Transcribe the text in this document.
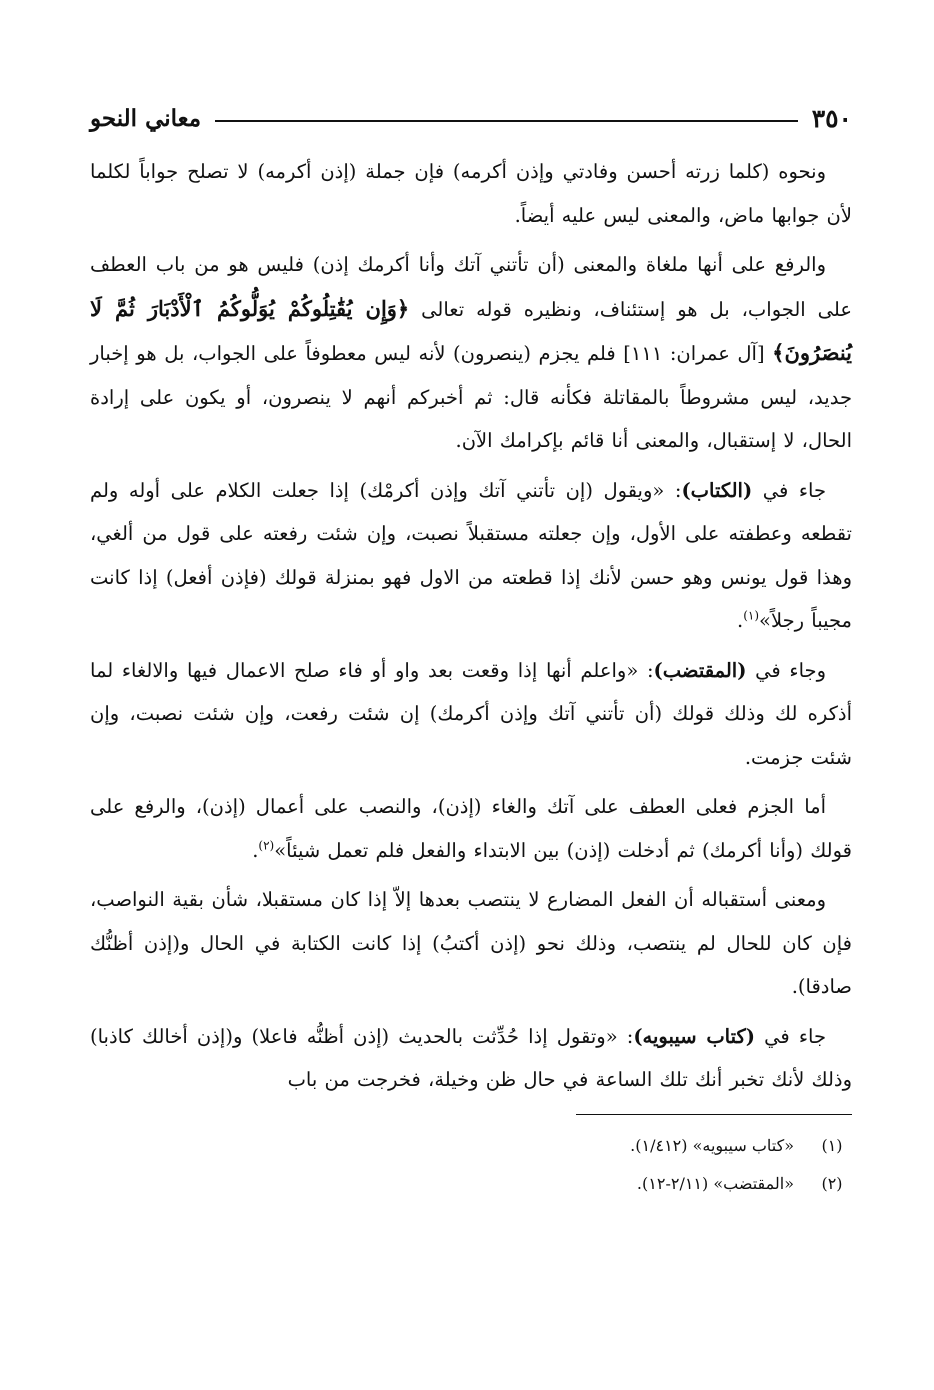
٣٥٠
معاني النحو

ونحوه (كلما زرته أحسن وفادتي وإذن أكرمه) فإن جملة (إذن أكرمه) لا تصلح جواباً لكلما لأن جوابها ماض، والمعنى ليس عليه أيضاً.

والرفع على أنها ملغاة والمعنى (أن تأتني آتك وأنا أكرمك إذن) فليس هو من باب العطف على الجواب، بل هو إستئناف، ونظيره قوله تعالى ﴿وَإِن يُقَٰتِلُوكُمْ يُوَلُّوكُمُ ٱلْأَدْبَارَ ثُمَّ لَا يُنصَرُونَ﴾ [آل عمران: ١١١] فلم يجزم (ينصرون) لأنه ليس معطوفاً على الجواب، بل هو إخبار جديد، ليس مشروطاً بالمقاتلة فكأنه قال: ثم أخبركم أنهم لا ينصرون، أو يكون على إرادة الحال، لا إستقبال، والمعنى أنا قائم بإكرامك الآن.

جاء في (الكتاب): «ويقول (إن تأتني آتك وإذن أكرمْك) إذا جعلت الكلام على أوله ولم تقطعه وعطفته على الأول، وإن جعلته مستقبلاً نصبت، وإن شئت رفعته على قول من ألغي، وهذا قول يونس وهو حسن لأنك إذا قطعته من الاول فهو بمنزلة قولك (فإذن أفعل) إذا كانت مجيباً رجلاً»$^{(١)}$.

وجاء في (المقتضب): «واعلم أنها إذا وقعت بعد واو أو فاء صلح الاعمال فيها والالغاء لما أذكره لك وذلك قولك (أن تأتني آتك وإذن أكرمك) إن شئت رفعت، وإن شئت نصبت، وإن شئت جزمت.

أما الجزم فعلى العطف على آتك والغاء (إذن)، والنصب على أعمال (إذن)، والرفع على قولك (وأنا أكرمك) ثم أدخلت (إذن) بين الابتداء والفعل فلم تعمل شيئاً»$^{(٢)}$.

ومعنى أستقباله أن الفعل المضارع لا ينتصب بعدها إلاّ إذا كان مستقبلا، شأن بقية النواصب، فإن كان للحال لم ينتصب، وذلك نحو (إذن أكتبُ) إذا كانت الكتابة في الحال و(إذن أظنُّك صادقا).

جاء في (كتاب سيبويه): «وتقول إذا حُدِّثت بالحديث (إذن أظنُّه فاعلا) و(إذن أخالك كاذبا) وذلك لأنك تخبر أنك تلك الساعة في حال ظن وخيلة، فخرجت من باب

(١)
«كتاب سيبويه» (١/٤١٢).
(٢)
«المقتضب» (٢/١١-١٢).
